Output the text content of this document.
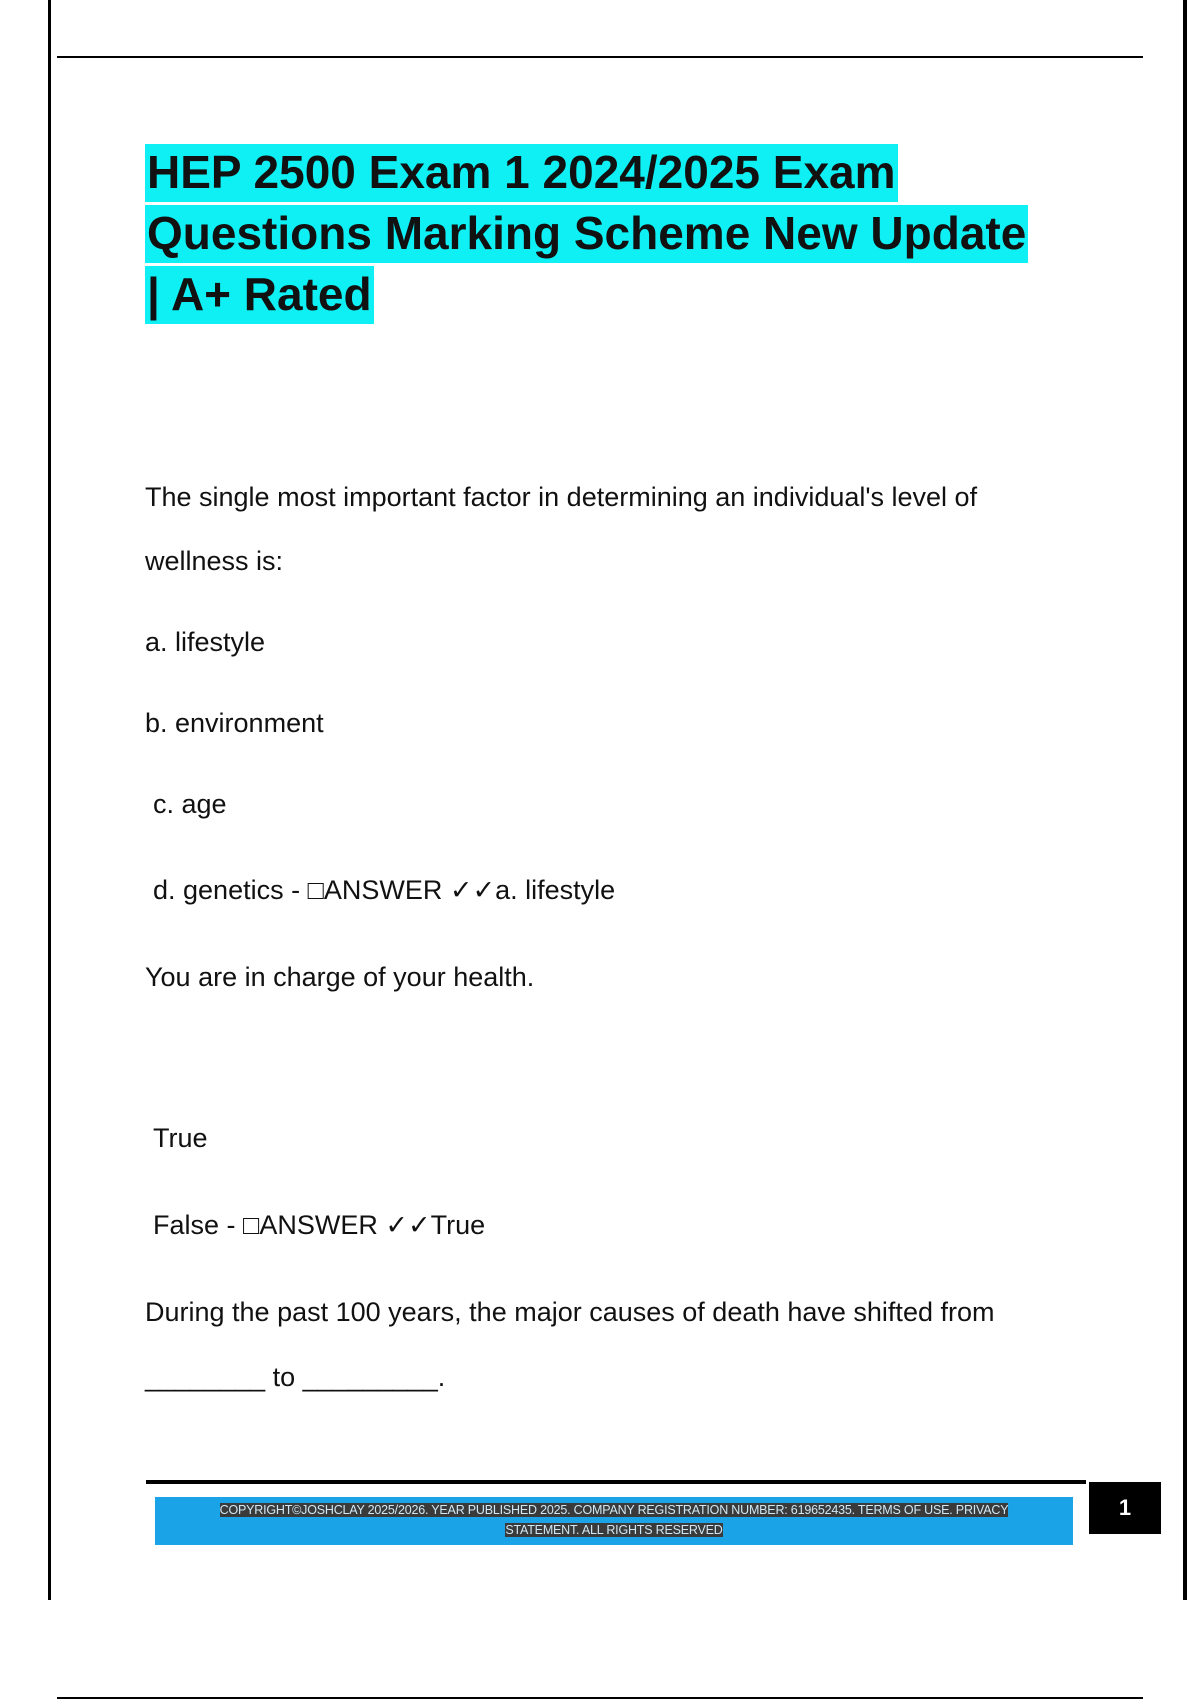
HEP 2500 Exam 1 2024/2025 Exam
Questions Marking Scheme New Update
| A+ Rated

The single most important factor in determining an individual's level of

wellness is:

a. lifestyle

b. environment

c. age

d. genetics - □ANSWER ✓✓a. lifestyle

You are in charge of your health.

True

False - □ANSWER ✓✓True

During the past 100 years, the major causes of death have shifted from

________ to _________.

COPYRIGHT©JOSHCLAY 2025/2026. YEAR PUBLISHED 2025. COMPANY REGISTRATION NUMBER: 619652435. TERMS OF USE. PRIVACY
STATEMENT. ALL RIGHTS RESERVED
1
